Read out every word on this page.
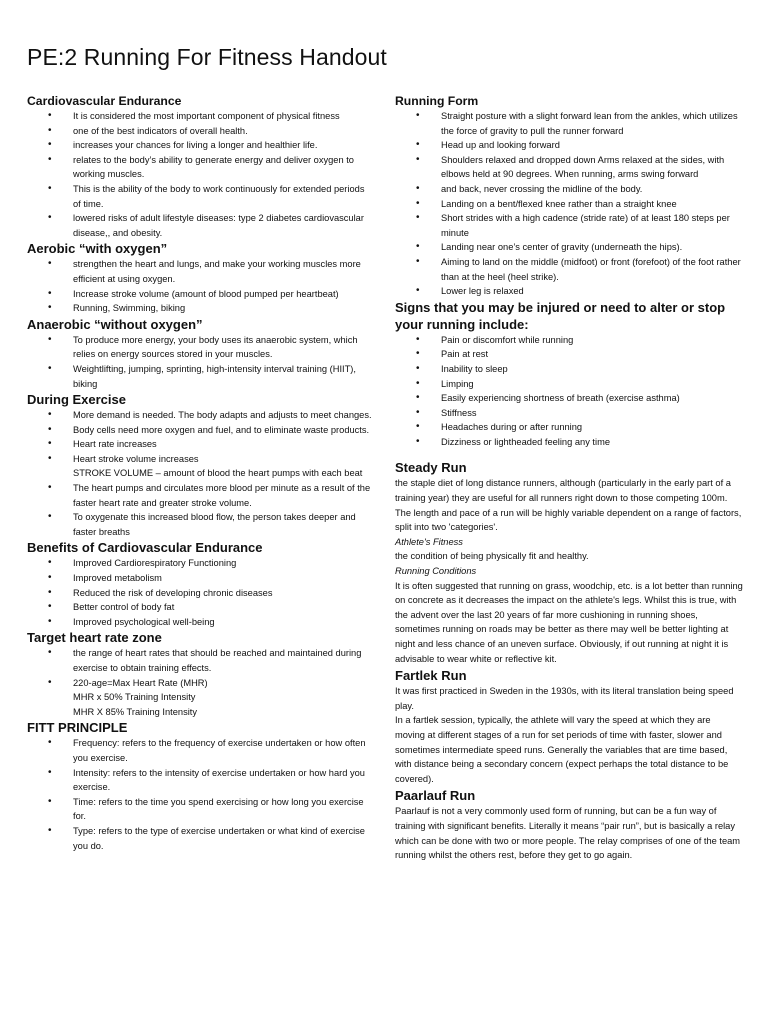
PE:2 Running For Fitness Handout

Cardiovascular Endurance

• It is considered the most important component of physical fitness
• one of the best indicators of overall health.
• increases your chances for living a longer and healthier life.
• relates to the body’s ability to generate energy and deliver oxygen to working muscles.
• This is the ability of the body to work continuously for extended periods of time.
• lowered risks of adult lifestyle diseases: type 2 diabetes cardiovascular disease,, and obesity.

Aerobic “with oxygen”

• strengthen the heart and lungs, and make your working muscles more efficient at using oxygen.
• Increase stroke volume (amount of blood pumped per heartbeat)
• Running, Swimming, biking

Anaerobic “without oxygen”

• To produce more energy, your body uses its anaerobic system, which relies on energy sources stored in your muscles.
• Weightlifting, jumping, sprinting, high-intensity interval training (HIIT), biking

During Exercise

• More demand is needed. The body adapts and adjusts to meet changes.
• Body cells need more oxygen and fuel, and to eliminate waste products.
• Heart rate increases
• Heart stroke volume increases
STROKE VOLUME – amount of blood the heart pumps with each beat
• The heart pumps and circulates more blood per minute as a result of the faster heart rate and greater stroke volume.
• To oxygenate this increased blood flow, the person takes deeper and faster breaths

Benefits of Cardiovascular Endurance

• Improved Cardiorespiratory Functioning
• Improved metabolism
• Reduced the risk of developing chronic diseases
• Better control of body fat
• Improved psychological well-being

Target heart rate zone

• the range of heart rates that should be reached and maintained during exercise to obtain training effects.
• 220-age=Max Heart Rate (MHR)
MHR x 50% Training Intensity
MHR X 85% Training Intensity

FITT PRINCIPLE

• Frequency: refers to the frequency of exercise undertaken or how often you exercise.
• Intensity: refers to the intensity of exercise undertaken or how hard you exercise.
• Time: refers to the time you spend exercising or how long you exercise for.
• Type: refers to the type of exercise undertaken or what kind of exercise you do.

Running Form

• Straight posture with a slight forward lean from the ankles, which utilizes the force of gravity to pull the runner forward
• Head up and looking forward
• Shoulders relaxed and dropped down Arms relaxed at the sides, with elbows held at 90 degrees. When running, arms swing forward
• and back, never crossing the midline of the body.
• Landing on a bent/flexed knee rather than a straight knee
• Short strides with a high cadence (stride rate) of at least 180 steps per minute
• Landing near one’s center of gravity (underneath the hips).
• Aiming to land on the middle (midfoot) or front (forefoot) of the foot rather than at the heel (heel strike).
• Lower leg is relaxed

Signs that you may be injured or need to alter or stop your running include:

• Pain or discomfort while running
• Pain at rest
• Inability to sleep
• Limping
• Easily experiencing shortness of breath (exercise asthma)
• Stiffness
• Headaches during or after running
• Dizziness or lightheaded feeling any time

Steady Run

the staple diet of long distance runners, although (particularly in the early part of a training year) they are useful for all runners right down to those competing 100m.

The length and pace of a run will be highly variable dependent on a range of factors, split into two 'categories'.

Athlete's Fitness

the condition of being physically fit and healthy.

Running Conditions

It is often suggested that running on grass, woodchip, etc. is a lot better than running on concrete as it decreases the impact on the athlete's legs. Whilst this is true, with the advent over the last 20 years of far more cushioning in running shoes, sometimes running on roads may be better as there may well be better lighting at night and less chance of an uneven surface. Obviously, if out running at night it is advisable to wear white or reflective kit.

Fartlek Run

It was first practiced in Sweden in the 1930s, with its literal translation being speed play.

In a fartlek session, typically, the athlete will vary the speed at which they are moving at different stages of a run for set periods of time with faster, slower and sometimes intermediate speed runs. Generally the variables that are time based, with distance being a secondary concern (expect perhaps the total distance to be covered).

Paarlauf Run

Paarlauf is not a very commonly used form of running, but can be a fun way of training with significant benefits. Literally it means “pair run”, but is basically a relay which can be done with two or more people. The relay comprises of one of the team running whilst the others rest, before they get to go again.
